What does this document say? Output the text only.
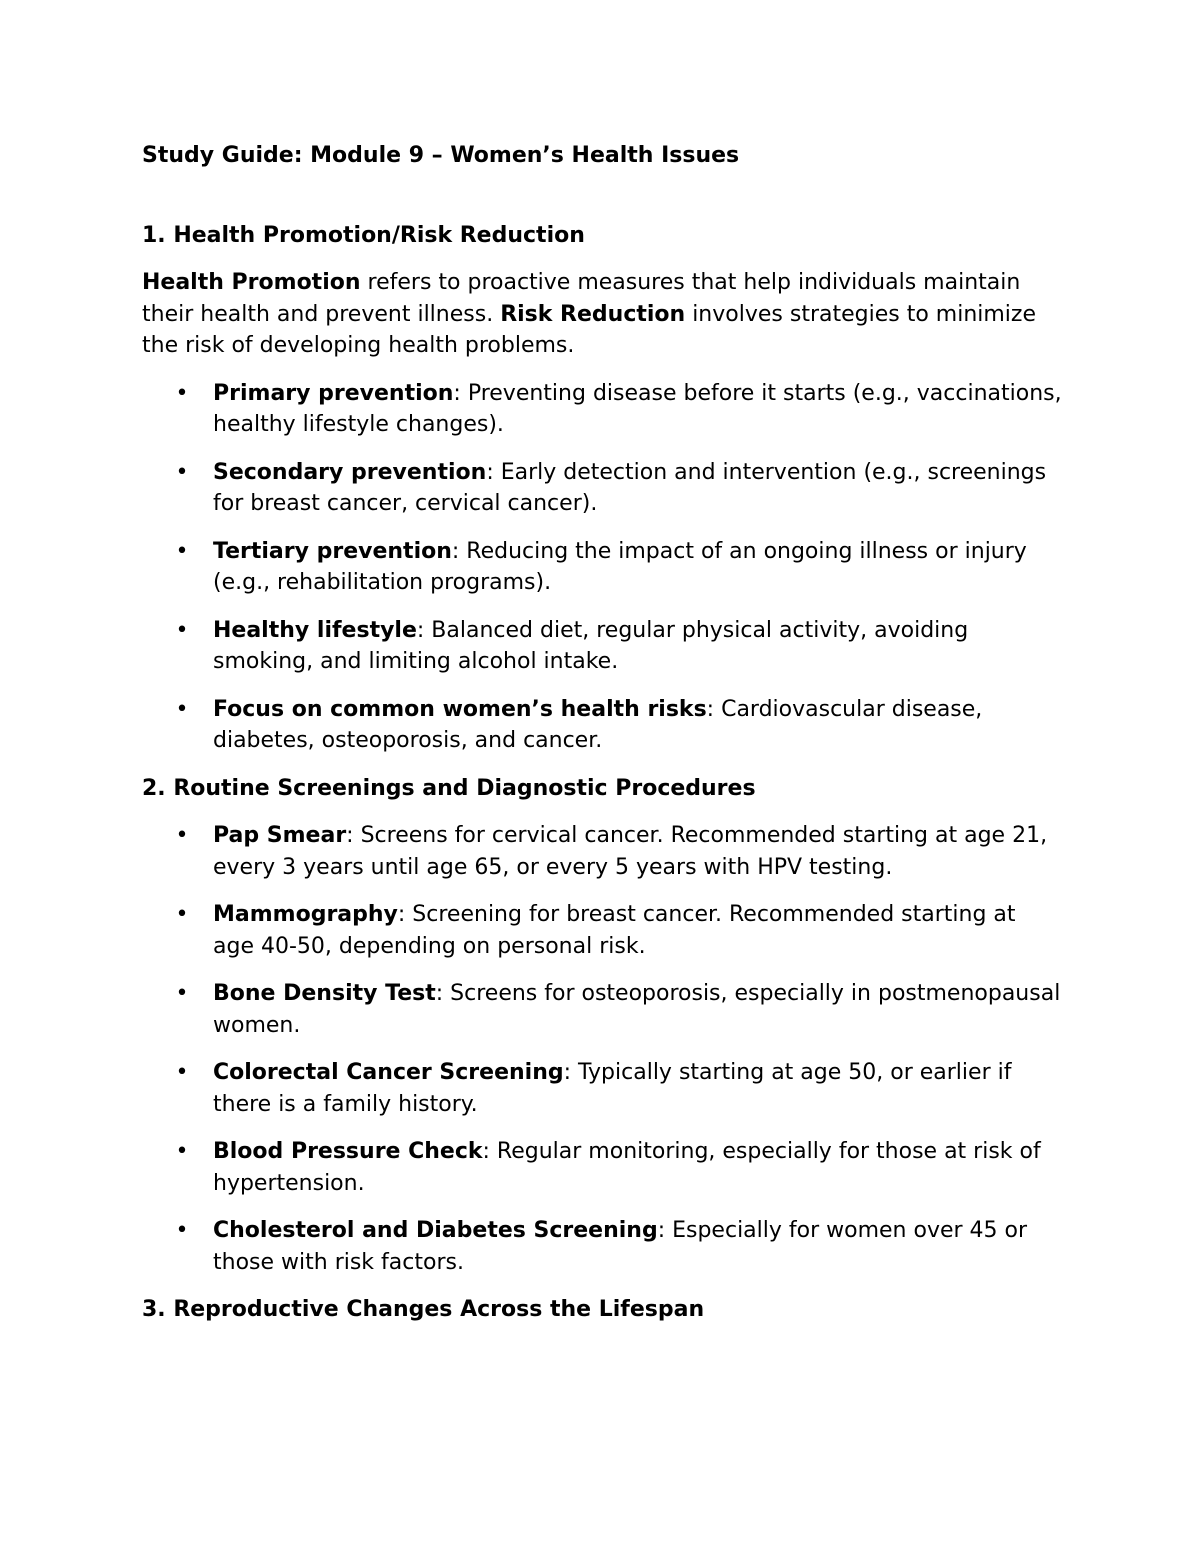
Study Guide: Module 9 – Women’s Health Issues
1. Health Promotion/Risk Reduction

Health Promotion refers to proactive measures that help individuals maintain their health and prevent illness. Risk Reduction involves strategies to minimize the risk of developing health problems.

• Primary prevention: Preventing disease before it starts (e.g., vaccinations, healthy lifestyle changes).
• Secondary prevention: Early detection and intervention (e.g., screenings for breast cancer, cervical cancer).
• Tertiary prevention: Reducing the impact of an ongoing illness or injury (e.g., rehabilitation programs).
• Healthy lifestyle: Balanced diet, regular physical activity, avoiding smoking, and limiting alcohol intake.
• Focus on common women’s health risks: Cardiovascular disease, diabetes, osteoporosis, and cancer.
2. Routine Screenings and Diagnostic Procedures
• Pap Smear: Screens for cervical cancer. Recommended starting at age 21, every 3 years until age 65, or every 5 years with HPV testing.
• Mammography: Screening for breast cancer. Recommended starting at age 40-50, depending on personal risk.
• Bone Density Test: Screens for osteoporosis, especially in postmenopausal women.
• Colorectal Cancer Screening: Typically starting at age 50, or earlier if there is a family history.
• Blood Pressure Check: Regular monitoring, especially for those at risk of hypertension.
• Cholesterol and Diabetes Screening: Especially for women over 45 or those with risk factors.
3. Reproductive Changes Across the Lifespan
